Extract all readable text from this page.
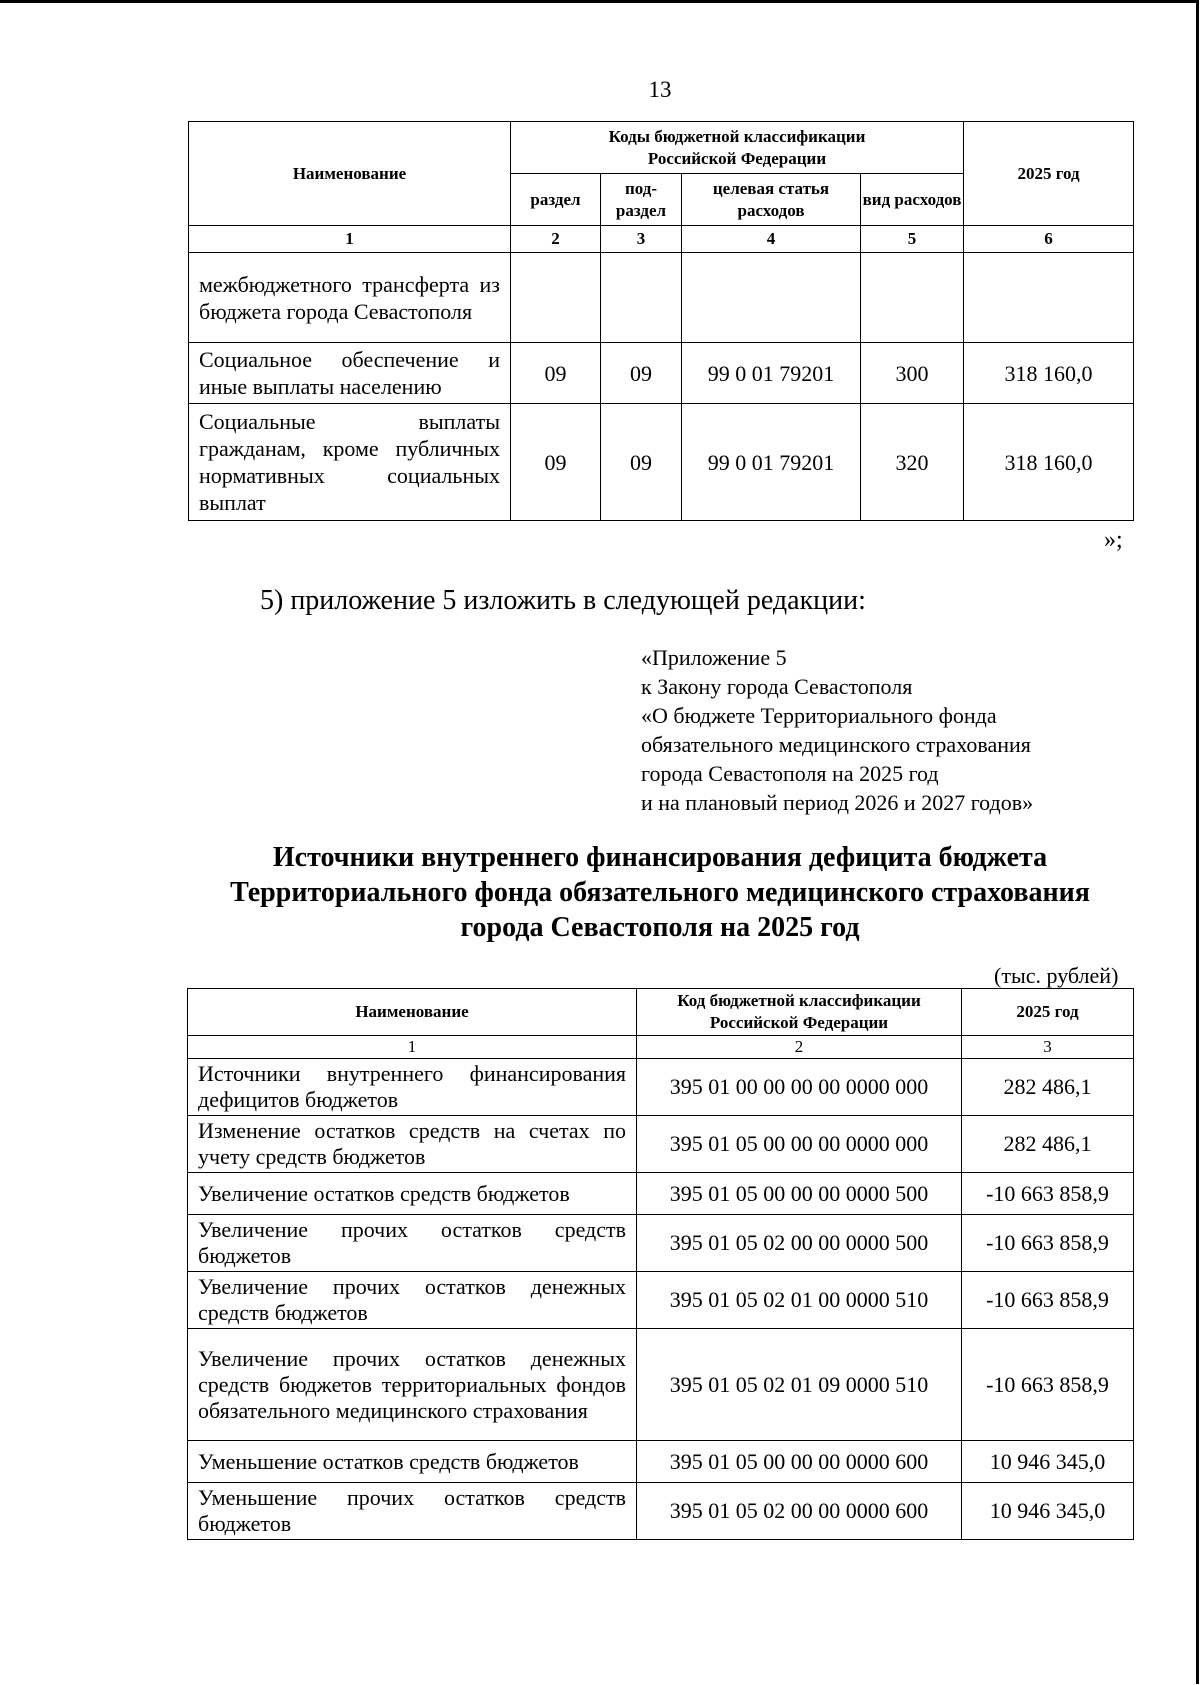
13
Наименование	Коды бюджетной классификации Российской Федерации				2025 год
	раздел	под-раздел	целевая статья расходов	вид расходов	
1	2	3	4	5	6
межбюджетного трансферта из бюджета города Севастополя					
Социальное обеспечение и иные выплаты населению	09	09	99 0 01 79201	300	318 160,0
Социальные выплаты гражданам, кроме публичных нормативных социальных выплат	09	09	99 0 01 79201	320	318 160,0
»;
5) приложение 5 изложить в следующей редакции:
«Приложение 5
к Закону города Севастополя
«О бюджете Территориального фонда
обязательного медицинского страхования
города Севастополя на 2025 год
и на плановый период 2026 и 2027 годов»
Источники внутреннего финансирования дефицита бюджета
Территориального фонда обязательного медицинского страхования
города Севастополя на 2025 год
(тыс. рублей)
Наименование	Код бюджетной классификации Российской Федерации	2025 год
1	2	3
Источники внутреннего финансирования дефицитов бюджетов	395 01 00 00 00 00 0000 000	282 486,1
Изменение остатков средств на счетах по учету средств бюджетов	395 01 05 00 00 00 0000 000	282 486,1
Увеличение остатков средств бюджетов	395 01 05 00 00 00 0000 500	-10 663 858,9
Увеличение прочих остатков средств бюджетов	395 01 05 02 00 00 0000 500	-10 663 858,9
Увеличение прочих остатков денежных средств бюджетов	395 01 05 02 01 00 0000 510	-10 663 858,9
Увеличение прочих остатков денежных средств бюджетов территориальных фондов обязательного медицинского страхования	395 01 05 02 01 09 0000 510	-10 663 858,9
Уменьшение остатков средств бюджетов	395 01 05 00 00 00 0000 600	10 946 345,0
Уменьшение прочих остатков средств бюджетов	395 01 05 02 00 00 0000 600	10 946 345,0
